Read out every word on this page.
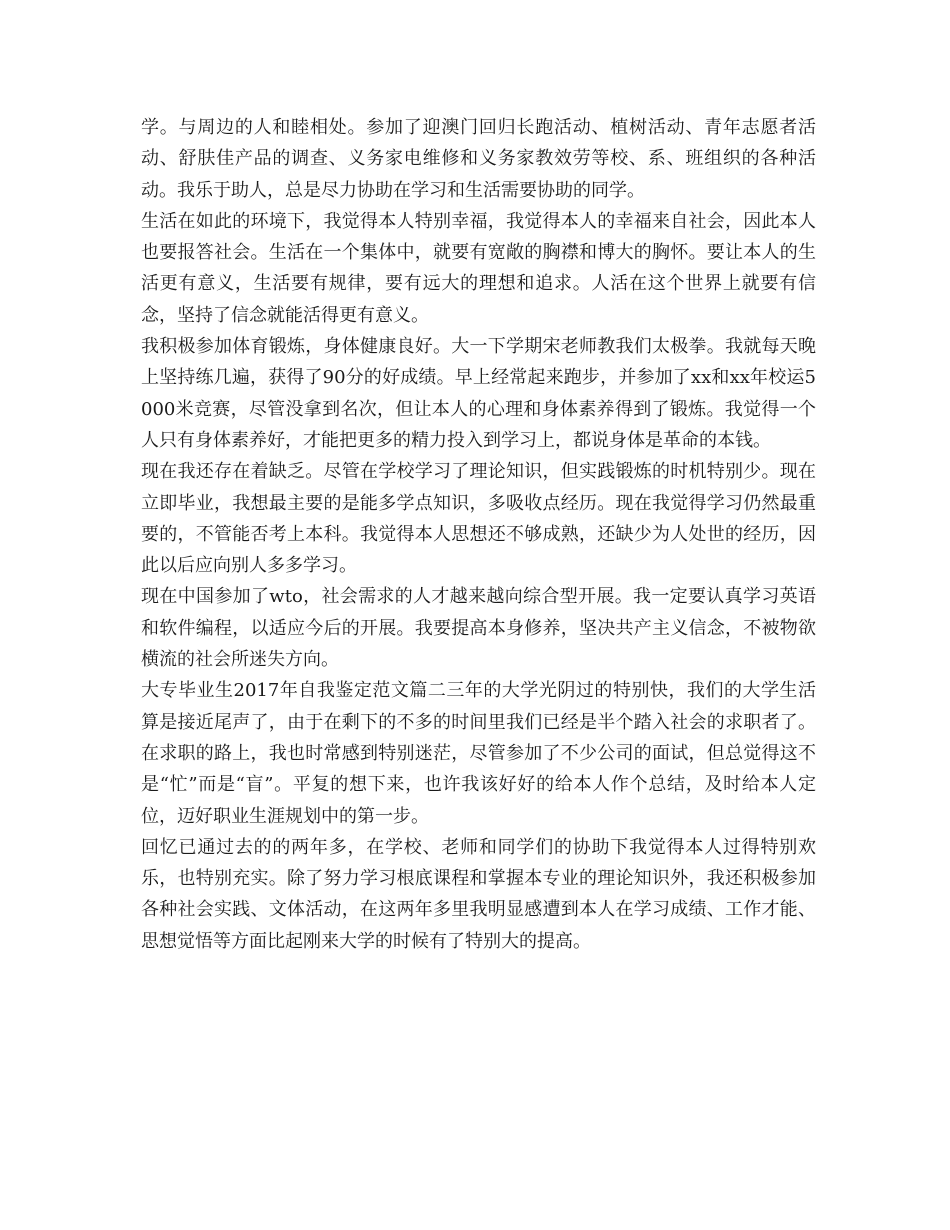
学。与周边的人和睦相处。参加了迎澳门回归长跑活动、植树活动、青年志愿者活动、舒肤佳产品的调查、义务家电维修和义务家教效劳等校、系、班组织的各种活动。我乐于助人，总是尽力协助在学习和生活需要协助的同学。

生活在如此的环境下，我觉得本人特别幸福，我觉得本人的幸福来自社会，因此本人也要报答社会。生活在一个集体中，就要有宽敞的胸襟和博大的胸怀。要让本人的生活更有意义，生活要有规律，要有远大的理想和追求。人活在这个世界上就要有信念，坚持了信念就能活得更有意义。

我积极参加体育锻炼，身体健康良好。大一下学期宋老师教我们太极拳。我就每天晚上坚持练几遍，获得了90分的好成绩。早上经常起来跑步，并参加了xx和xx年校运5000米竞赛，尽管没拿到名次，但让本人的心理和身体素养得到了锻炼。我觉得一个人只有身体素养好，才能把更多的精力投入到学习上，都说身体是革命的本钱。

现在我还存在着缺乏。尽管在学校学习了理论知识，但实践锻炼的时机特别少。现在立即毕业，我想最主要的是能多学点知识，多吸收点经历。现在我觉得学习仍然最重要的，不管能否考上本科。我觉得本人思想还不够成熟，还缺少为人处世的经历，因此以后应向别人多多学习。

现在中国参加了wto，社会需求的人才越来越向综合型开展。我一定要认真学习英语和软件编程，以适应今后的开展。我要提高本身修养，坚决共产主义信念，不被物欲横流的社会所迷失方向。

大专毕业生2017年自我鉴定范文篇二三年的大学光阴过的特别快，我们的大学生活算是接近尾声了，由于在剩下的不多的时间里我们已经是半个踏入社会的求职者了。在求职的路上，我也时常感到特别迷茫，尽管参加了不少公司的面试，但总觉得这不是“忙”而是“盲”。平复的想下来，也许我该好好的给本人作个总结，及时给本人定位，迈好职业生涯规划中的第一步。

回忆已通过去的的两年多，在学校、老师和同学们的协助下我觉得本人过得特别欢乐，也特别充实。除了努力学习根底课程和掌握本专业的理论知识外，我还积极参加各种社会实践、文体活动，在这两年多里我明显感遭到本人在学习成绩、工作才能、思想觉悟等方面比起刚来大学的时候有了特别大的提高。
